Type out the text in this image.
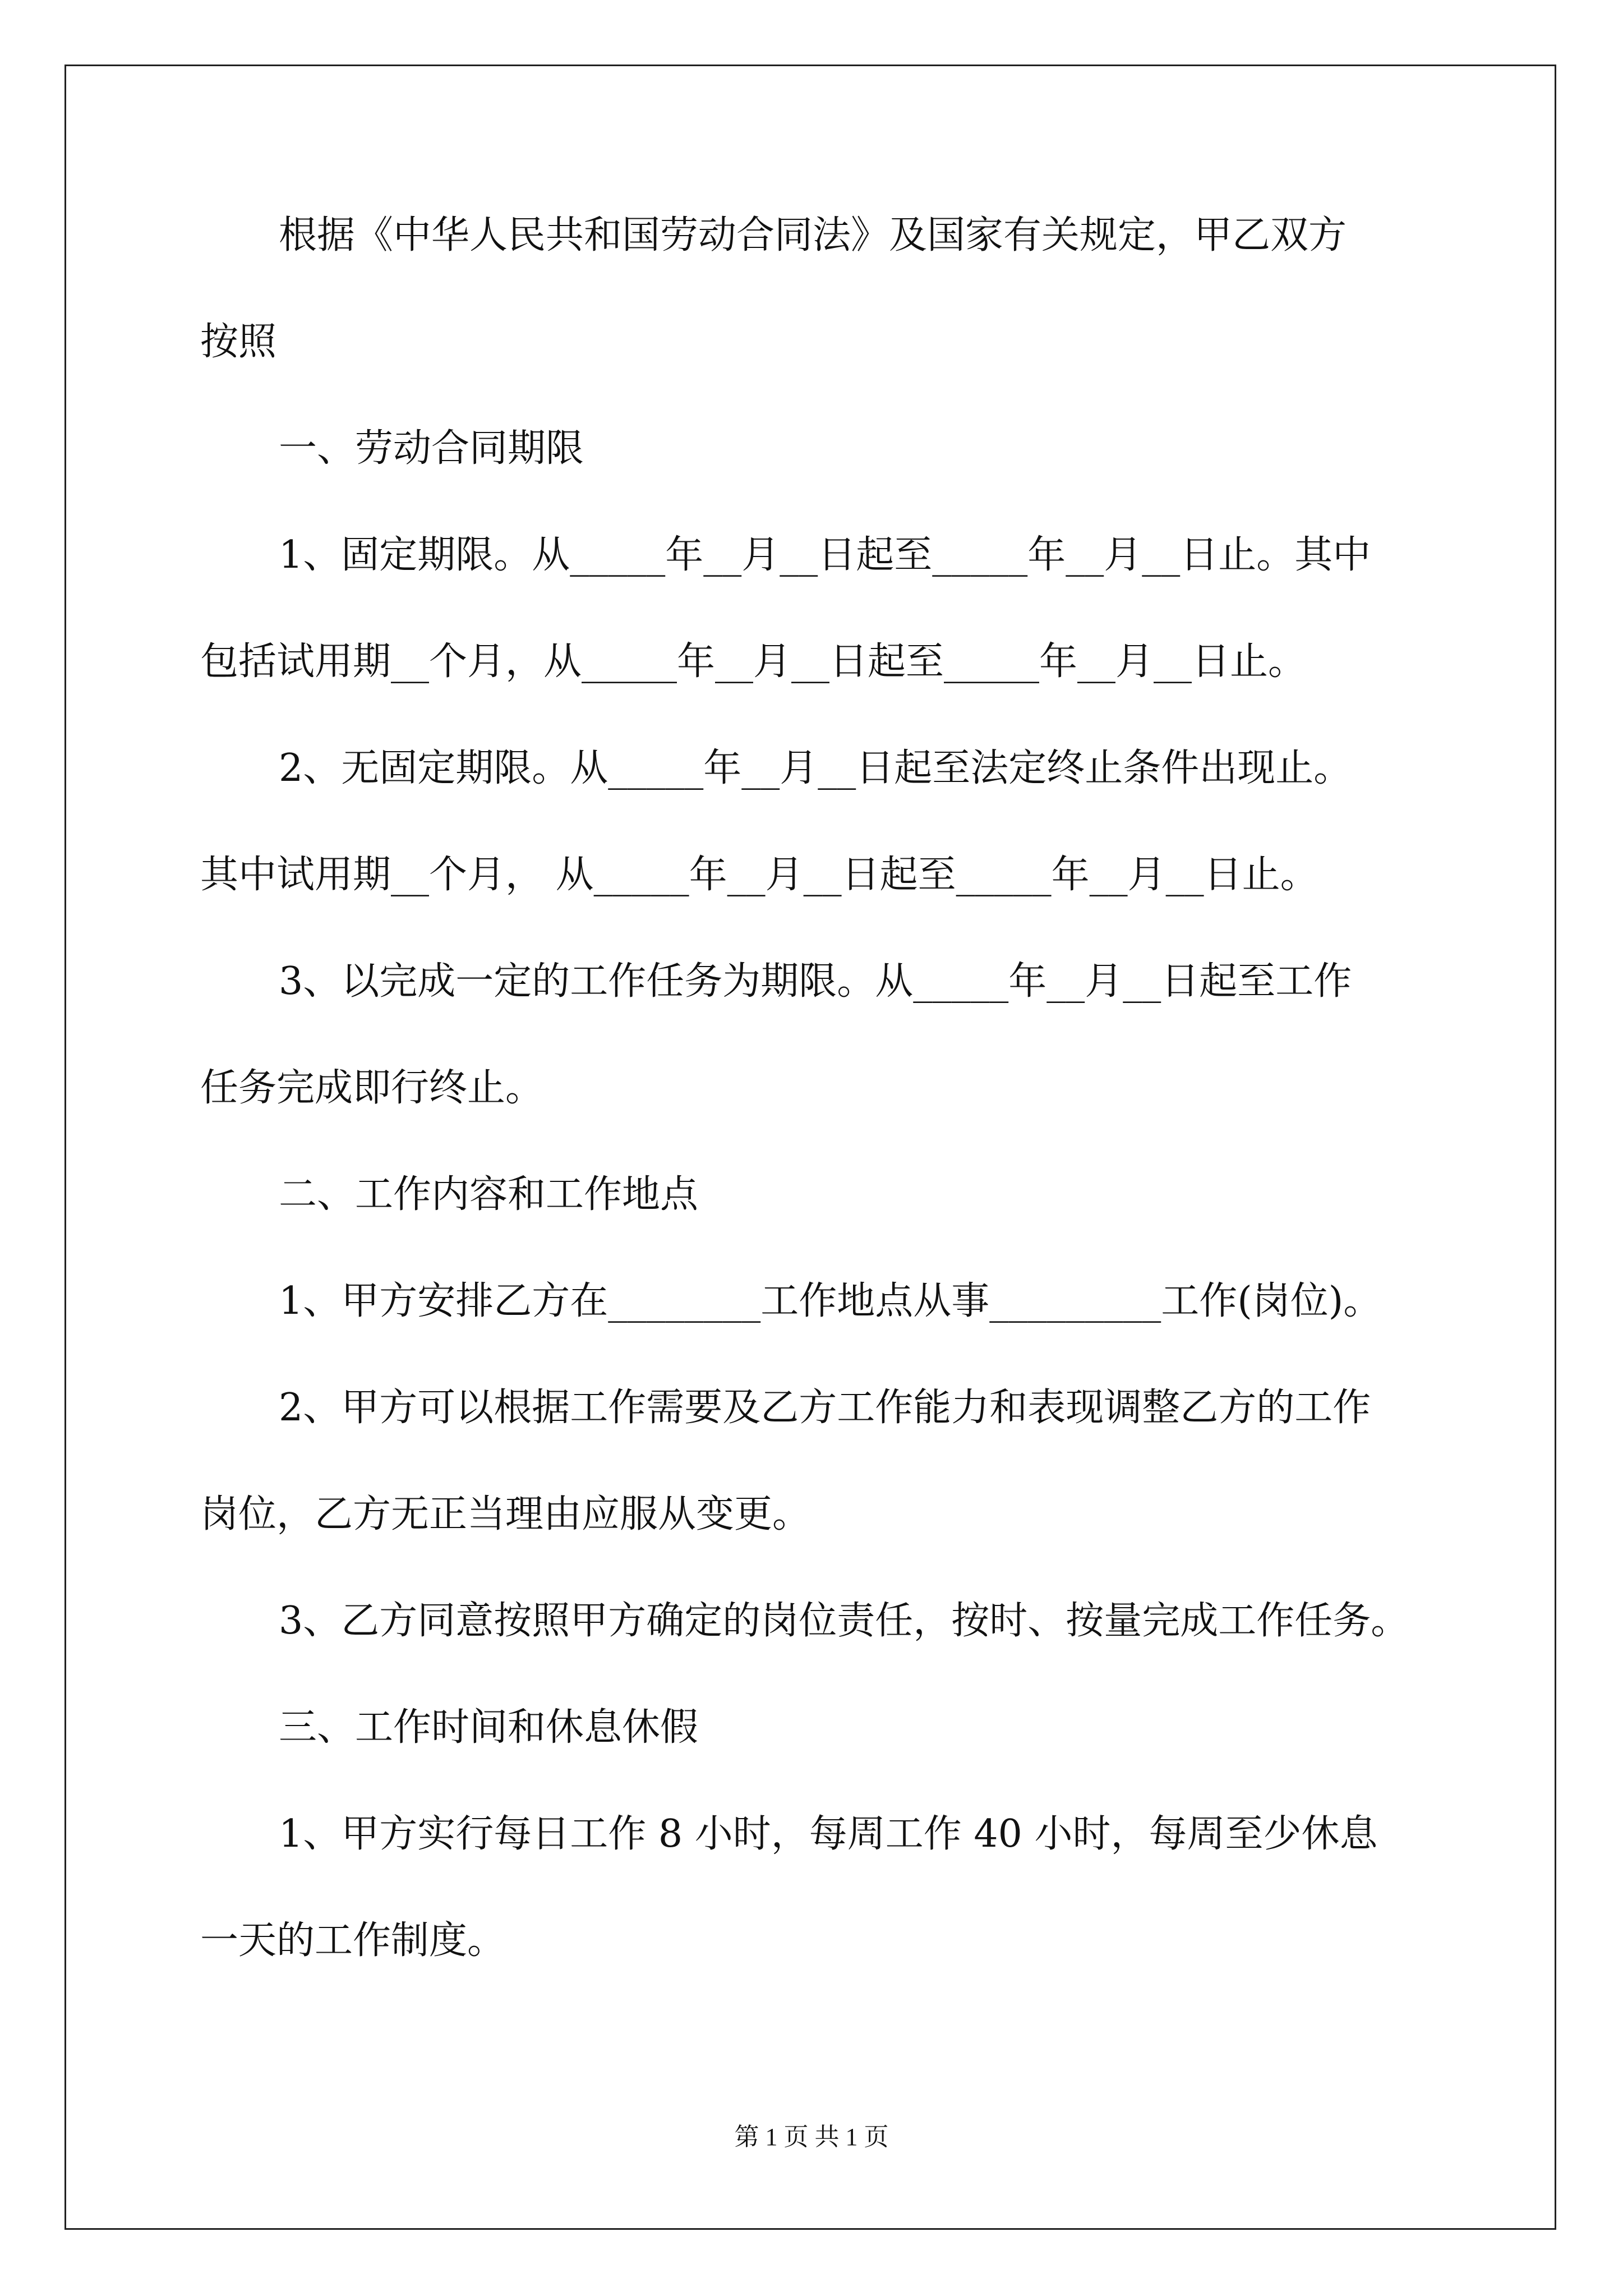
根据《中华人民共和国劳动合同法》及国家有关规定，甲乙双方
按照
一、劳动合同期限
1、固定期限。从_____年__月__日起至_____年__月__日止。其中
包括试用期__个月，从_____年__月__日起至_____年__月__日止。
2、无固定期限。从_____年__月__日起至法定终止条件出现止。
其中试用期__个月， 从_____年__月__日起至_____年__月__日止。
3、以完成一定的工作任务为期限。从_____年__月__日起至工作
任务完成即行终止。
二、工作内容和工作地点
1、甲方安排乙方在________工作地点从事_________工作(岗位)。
2、甲方可以根据工作需要及乙方工作能力和表现调整乙方的工作
岗位，乙方无正当理由应服从变更。
3、乙方同意按照甲方确定的岗位责任，按时、按量完成工作任务。
三、工作时间和休息休假
1、甲方实行每日工作 8 小时，每周工作 40 小时，每周至少休息
一天的工作制度。
第 1 页 共 1 页
